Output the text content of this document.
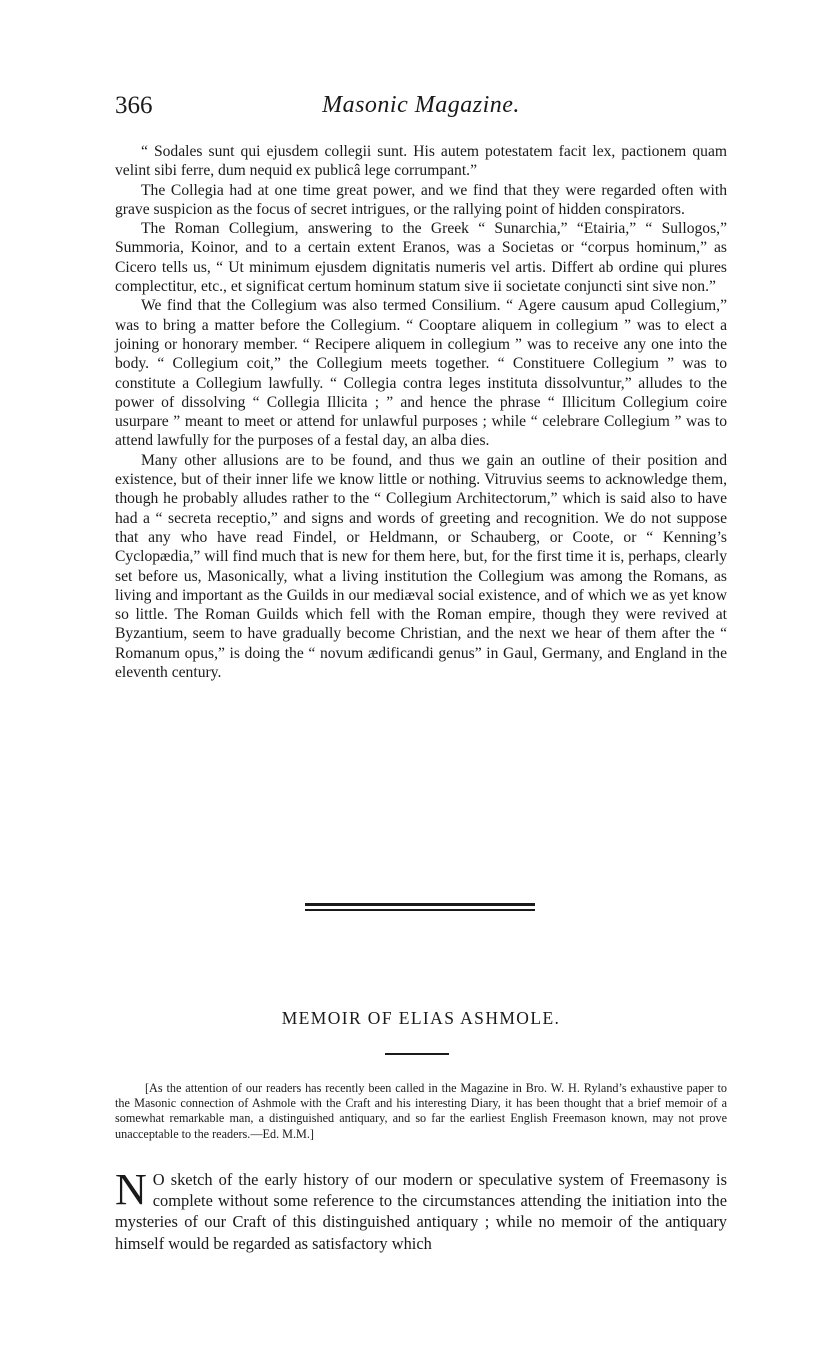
366	Masonic Magazine.

“ Sodales sunt qui ejusdem collegii sunt. His autem potestatem facit lex, pactionem quam velint sibi ferre, dum nequid ex publicâ lege corrumpant.”

The Collegia had at one time great power, and we find that they were regarded often with grave suspicion as the focus of secret intrigues, or the rallying point of hidden conspirators.

The Roman Collegium, answering to the Greek “ Sunarchia,” “Etairia,” “ Sullogos,” Summoria, Koinor, and to a certain extent Eranos, was a Societas or “corpus hominum,” as Cicero tells us, “ Ut minimum ejusdem dignitatis numeris vel artis. Differt ab ordine qui plures complectitur, etc., et significat certum hominum statum sive ii societate conjuncti sint sive non.”

We find that the Collegium was also termed Consilium. “ Agere causum apud Collegium,” was to bring a matter before the Collegium. “ Cooptare aliquem in collegium ” was to elect a joining or honorary member. “ Recipere aliquem in collegium ” was to receive any one into the body. “ Collegium coit,” the Collegium meets together. “ Constituere Collegium ” was to constitute a Collegium lawfully. “ Collegia contra leges instituta dissolvuntur,” alludes to the power of dissolving “ Collegia Illicita ; ” and hence the phrase “ Illicitum Collegium coire usurpare ” meant to meet or attend for unlawful purposes ; while “ celebrare Collegium ” was to attend lawfully for the purposes of a festal day, an alba dies.

Many other allusions are to be found, and thus we gain an outline of their position and existence, but of their inner life we know little or nothing. Vitruvius seems to acknowledge them, though he probably alludes rather to the “ Collegium Architectorum,” which is said also to have had a “ secreta receptio,” and signs and words of greeting and recognition. We do not suppose that any who have read Findel, or Heldmann, or Schauberg, or Coote, or “ Kenning’s Cyclopædia,” will find much that is new for them here, but, for the first time it is, perhaps, clearly set before us, Masonically, what a living institution the Collegium was among the Romans, as living and important as the Guilds in our mediæval social existence, and of which we as yet know so little. The Roman Guilds which fell with the Roman empire, though they were revived at Byzantium, seem to have gradually become Christian, and the next we hear of them after the “ Romanum opus,” is doing the “ novum ædificandi genus” in Gaul, Germany, and England in the eleventh century.

MEMOIR OF ELIAS ASHMOLE.

[As the attention of our readers has recently been called in the Magazine in Bro. W. H. Ryland’s exhaustive paper to the Masonic connection of Ashmole with the Craft and his interesting Diary, it has been thought that a brief memoir of a somewhat remarkable man, a distinguished antiquary, and so far the earliest English Freemason known, may not prove unacceptable to the readers.—Ed. M.M.]

N O sketch of the early history of our modern or speculative system of Freemasony is complete without some reference to the circumstances attending the initiation into the mysteries of our Craft of this distinguished antiquary ; while no memoir of the antiquary himself would be regarded as satisfactory which
